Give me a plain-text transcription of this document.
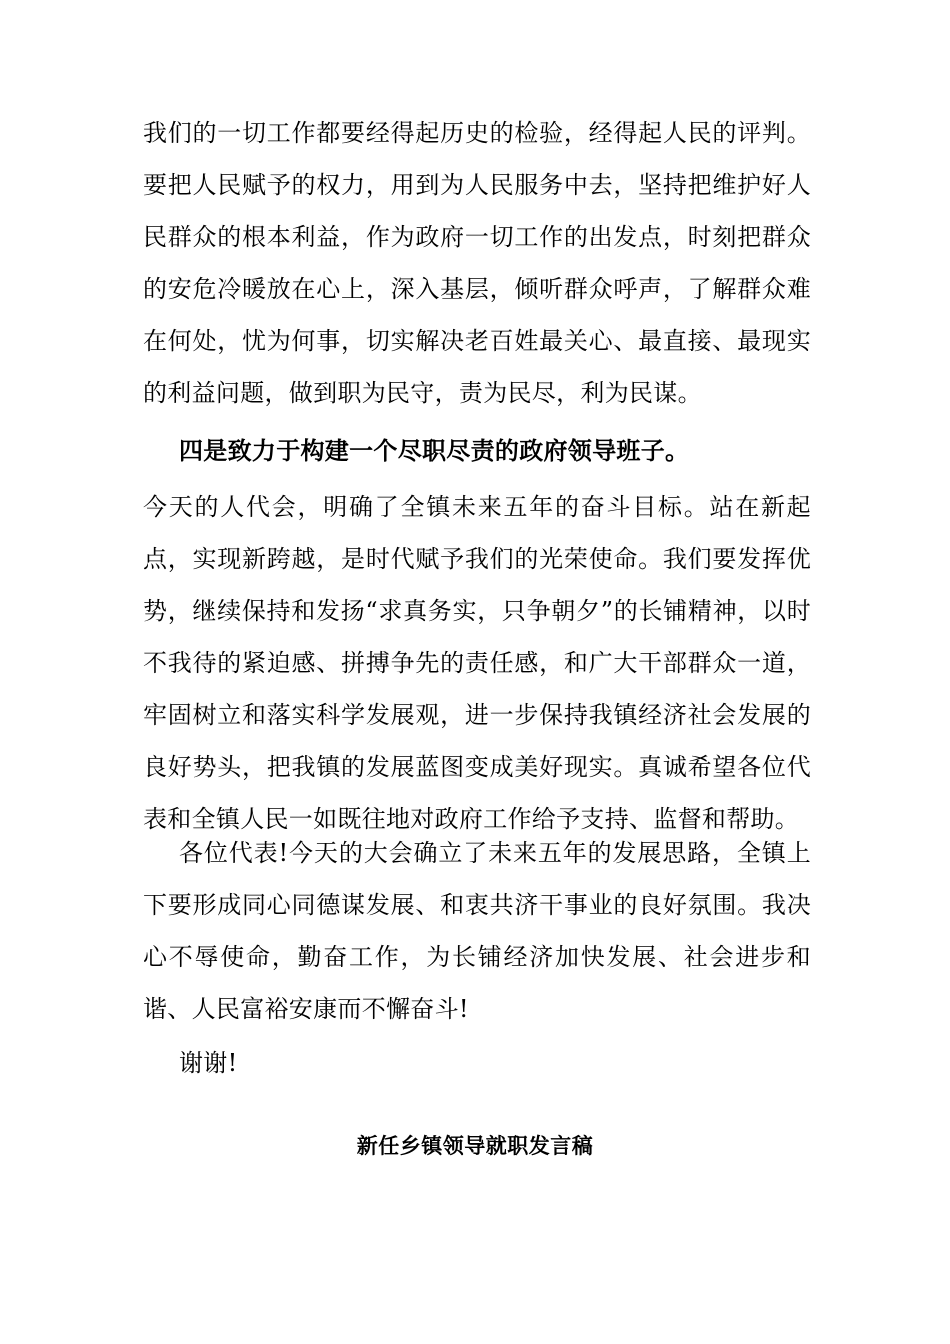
我们的一切工作都要经得起历史的检验，经得起人民的评判。要把人民赋予的权力，用到为人民服务中去，坚持把维护好人民群众的根本利益，作为政府一切工作的出发点，时刻把群众的安危冷暖放在心上，深入基层，倾听群众呼声，了解群众难在何处，忧为何事，切实解决老百姓最关心、最直接、最现实的利益问题，做到职为民守，责为民尽，利为民谋。

四是致力于构建一个尽职尽责的政府领导班子。

今天的人代会，明确了全镇未来五年的奋斗目标。站在新起点，实现新跨越，是时代赋予我们的光荣使命。我们要发挥优势，继续保持和发扬“求真务实，只争朝夕”的长铺精神，以时不我待的紧迫感、拼搏争先的责任感，和广大干部群众一道，牢固树立和落实科学发展观，进一步保持我镇经济社会发展的良好势头，把我镇的发展蓝图变成美好现实。真诚希望各位代表和全镇人民一如既往地对政府工作给予支持、监督和帮助。

各位代表!今天的大会确立了未来五年的发展思路，全镇上下要形成同心同德谋发展、和衷共济干事业的良好氛围。我决心不辱使命，勤奋工作，为长铺经济加快发展、社会进步和谐、人民富裕安康而不懈奋斗!

谢谢!

新任乡镇领导就职发言稿
